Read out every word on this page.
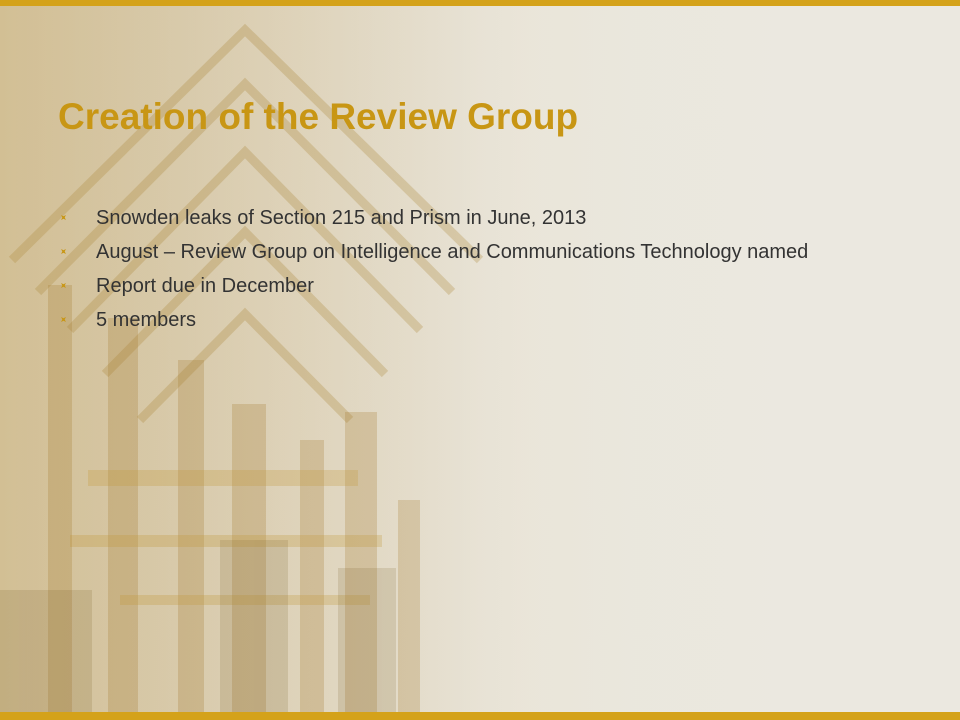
Creation of the Review Group
Snowden leaks of Section 215 and Prism in June, 2013
August – Review Group on Intelligence and Communications Technology named
Report due in December
5 members
